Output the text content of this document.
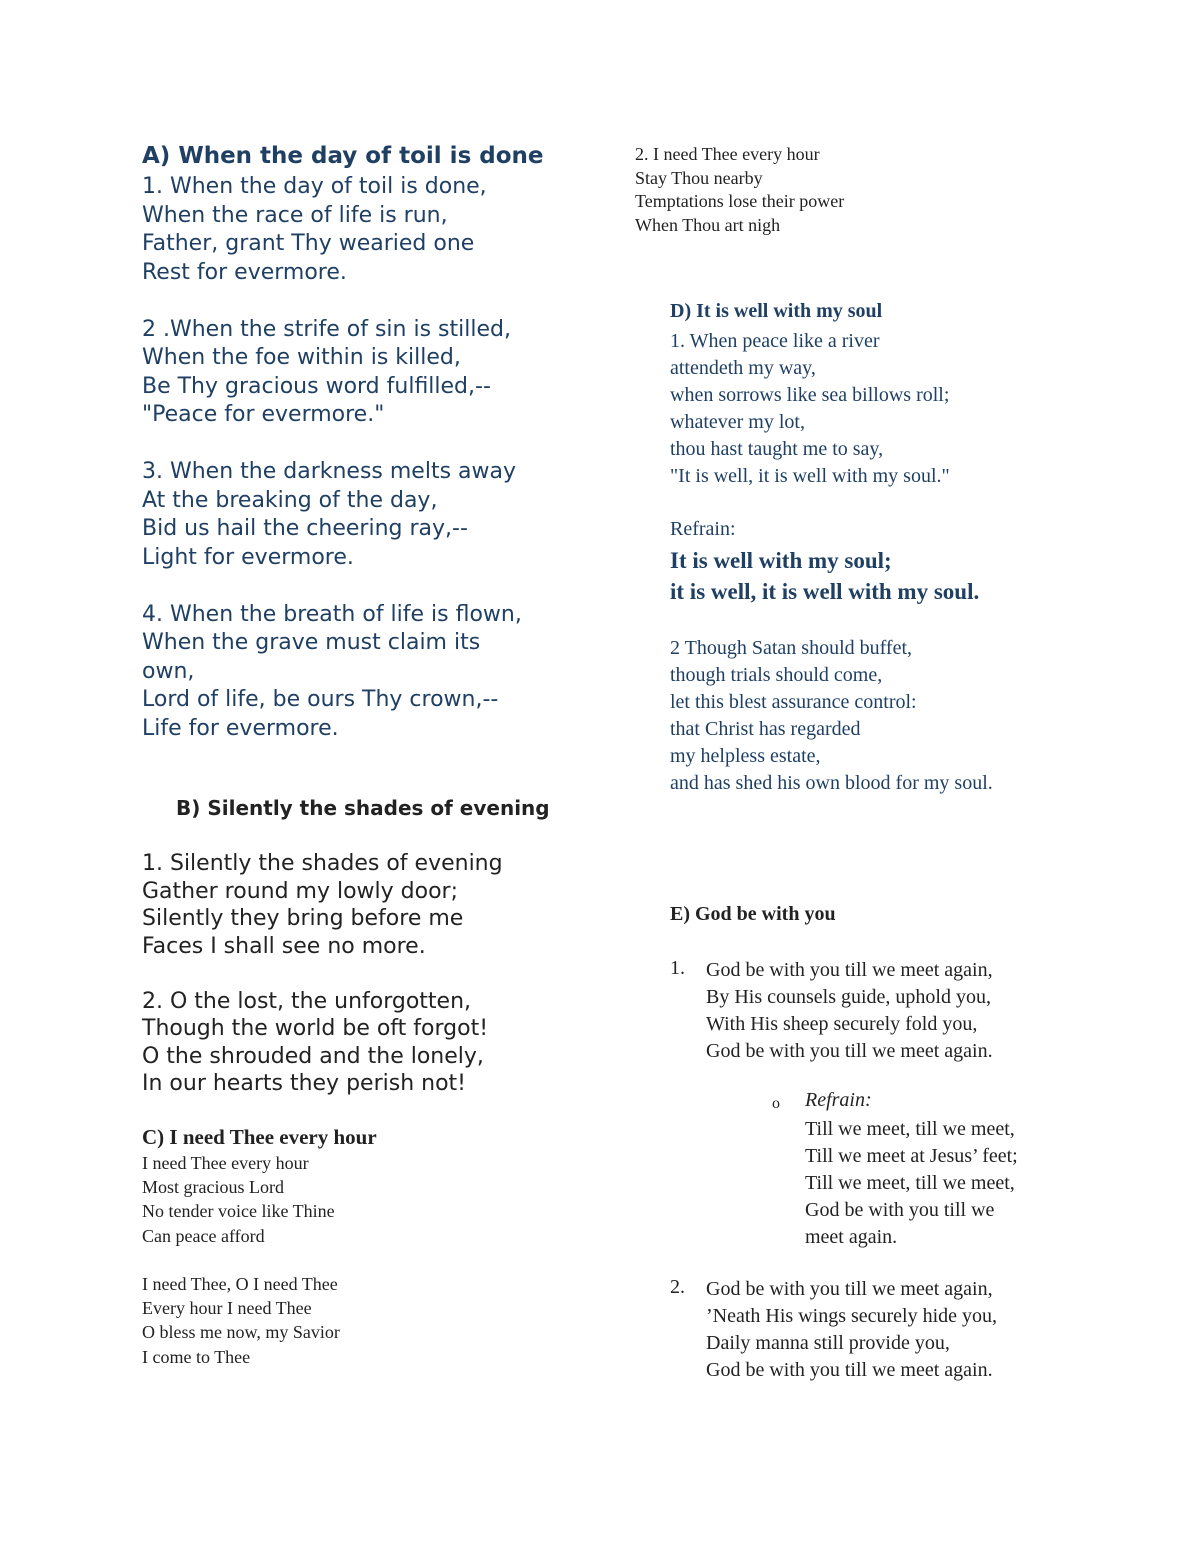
A) When the day of toil is done
1. When the day of toil is done,
When the race of life is run,
Father, grant Thy wearied one
Rest for evermore.

2 .When the strife of sin is stilled,
When the foe within is killed,
Be Thy gracious word fulfilled,--
"Peace for evermore."

3. When the darkness melts away
At the breaking of the day,
Bid us hail the cheering ray,--
Light for evermore.

4. When the breath of life is flown,
When the grave must claim its
own,
Lord of life, be ours Thy crown,--
Life for evermore.
B) Silently the shades of evening
1. Silently the shades of evening
Gather round my lowly door;
Silently they bring before me
Faces I shall see no more.

2. O the lost, the unforgotten,
Though the world be oft forgot!
O the shrouded and the lonely,
In our hearts they perish not!
C) I need Thee every hour
I need Thee every hour
Most gracious Lord
No tender voice like Thine
Can peace afford

I need Thee, O I need Thee
Every hour I need Thee
O bless me now, my Savior
I come to Thee
2. I need Thee every hour
Stay Thou nearby
Temptations lose their power
When Thou art nigh
D) It is well with my soul
1. When peace like a river
attendeth my way,
when sorrows like sea billows roll;
whatever my lot,
thou hast taught me to say,
"It is well, it is well with my soul."
Refrain:
It is well with my soul;
it is well, it is well with my soul.
2 Though Satan should buffet,
though trials should come,
let this blest assurance control:
that Christ has regarded
my helpless estate,
and has shed his own blood for my soul.
E) God be with you
1. God be with you till we meet again,
By His counsels guide, uphold you,
With His sheep securely fold you,
God be with you till we meet again.
o Refrain:
Till we meet, till we meet,
Till we meet at Jesus’ feet;
Till we meet, till we meet,
God be with you till we
meet again.
2. God be with you till we meet again,
’Neath His wings securely hide you,
Daily manna still provide you,
God be with you till we meet again.
